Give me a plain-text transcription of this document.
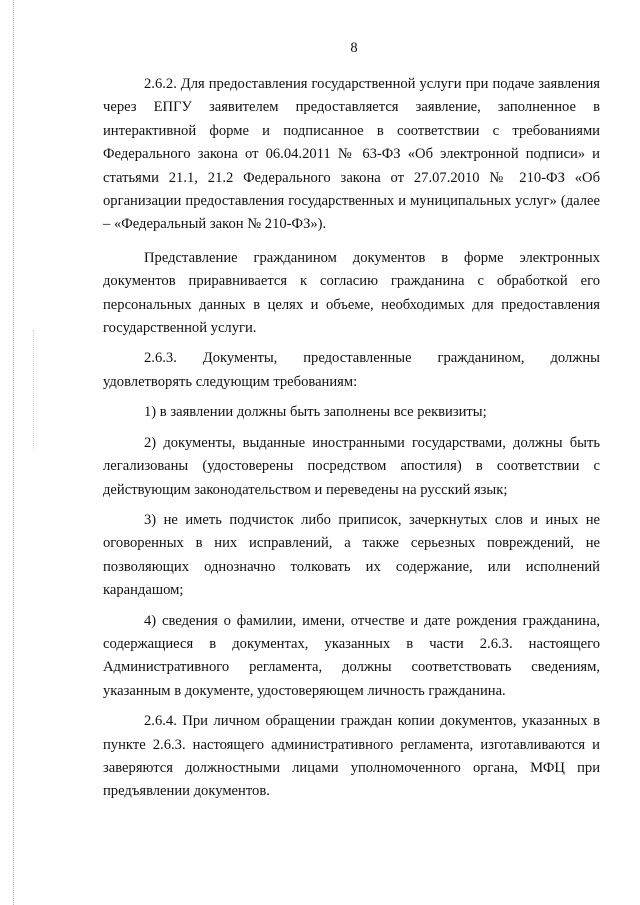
8

2.6.2. Для предоставления государственной услуги при подаче заявления через ЕПГУ заявителем предоставляется заявление, заполненное в интерактивной форме и подписанное в соответствии с требованиями Федерального закона от 06.04.2011 № 63-ФЗ «Об электронной подписи» и статьями 21.1, 21.2 Федерального закона от 27.07.2010 № 210-ФЗ «Об организации предоставления государственных и муниципальных услуг» (далее – «Федеральный закон № 210-ФЗ»).

Представление гражданином документов в форме электронных документов приравнивается к согласию гражданина с обработкой его персональных данных в целях и объеме, необходимых для предоставления государственной услуги.

2.6.3. Документы, предоставленные гражданином, должны удовлетворять следующим требованиям:

1) в заявлении должны быть заполнены все реквизиты;

2) документы, выданные иностранными государствами, должны быть легализованы (удостоверены посредством апостиля) в соответствии с действующим законодательством и переведены на русский язык;

3) не иметь подчисток либо приписок, зачеркнутых слов и иных не оговоренных в них исправлений, а также серьезных повреждений, не позволяющих однозначно толковать их содержание, или исполнений карандашом;

4) сведения о фамилии, имени, отчестве и дате рождения гражданина, содержащиеся в документах, указанных в части 2.6.3. настоящего Административного регламента, должны соответствовать сведениям, указанным в документе, удостоверяющем личность гражданина.

2.6.4. При личном обращении граждан копии документов, указанных в пункте 2.6.3. настоящего административного регламента, изготавливаются и заверяются должностными лицами уполномоченного органа, МФЦ при предъявлении документов.
